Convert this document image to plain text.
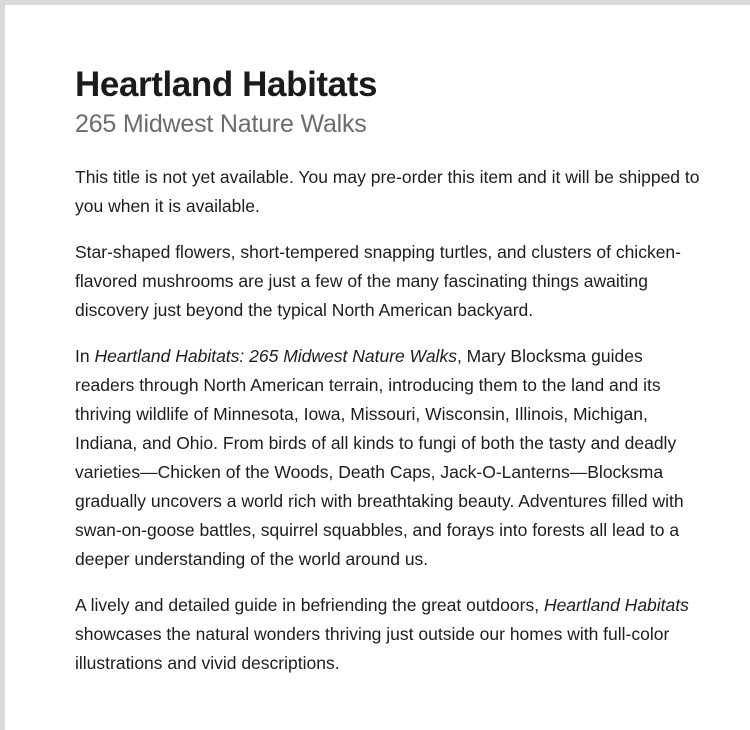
Heartland Habitats
265 Midwest Nature Walks

This title is not yet available. You may pre-order this item and it will be shipped to you when it is available.

Star-shaped flowers, short-tempered snapping turtles, and clusters of chicken-flavored mushrooms are just a few of the many fascinating things awaiting discovery just beyond the typical North American backyard.

In Heartland Habitats: 265 Midwest Nature Walks, Mary Blocksma guides readers through North American terrain, introducing them to the land and its thriving wildlife of Minnesota, Iowa, Missouri, Wisconsin, Illinois, Michigan, Indiana, and Ohio. From birds of all kinds to fungi of both the tasty and deadly varieties—Chicken of the Woods, Death Caps, Jack-O-Lanterns—Blocksma gradually uncovers a world rich with breathtaking beauty. Adventures filled with swan-on-goose battles, squirrel squabbles, and forays into forests all lead to a deeper understanding of the world around us.

A lively and detailed guide in befriending the great outdoors, Heartland Habitats showcases the natural wonders thriving just outside our homes with full-color illustrations and vivid descriptions.
